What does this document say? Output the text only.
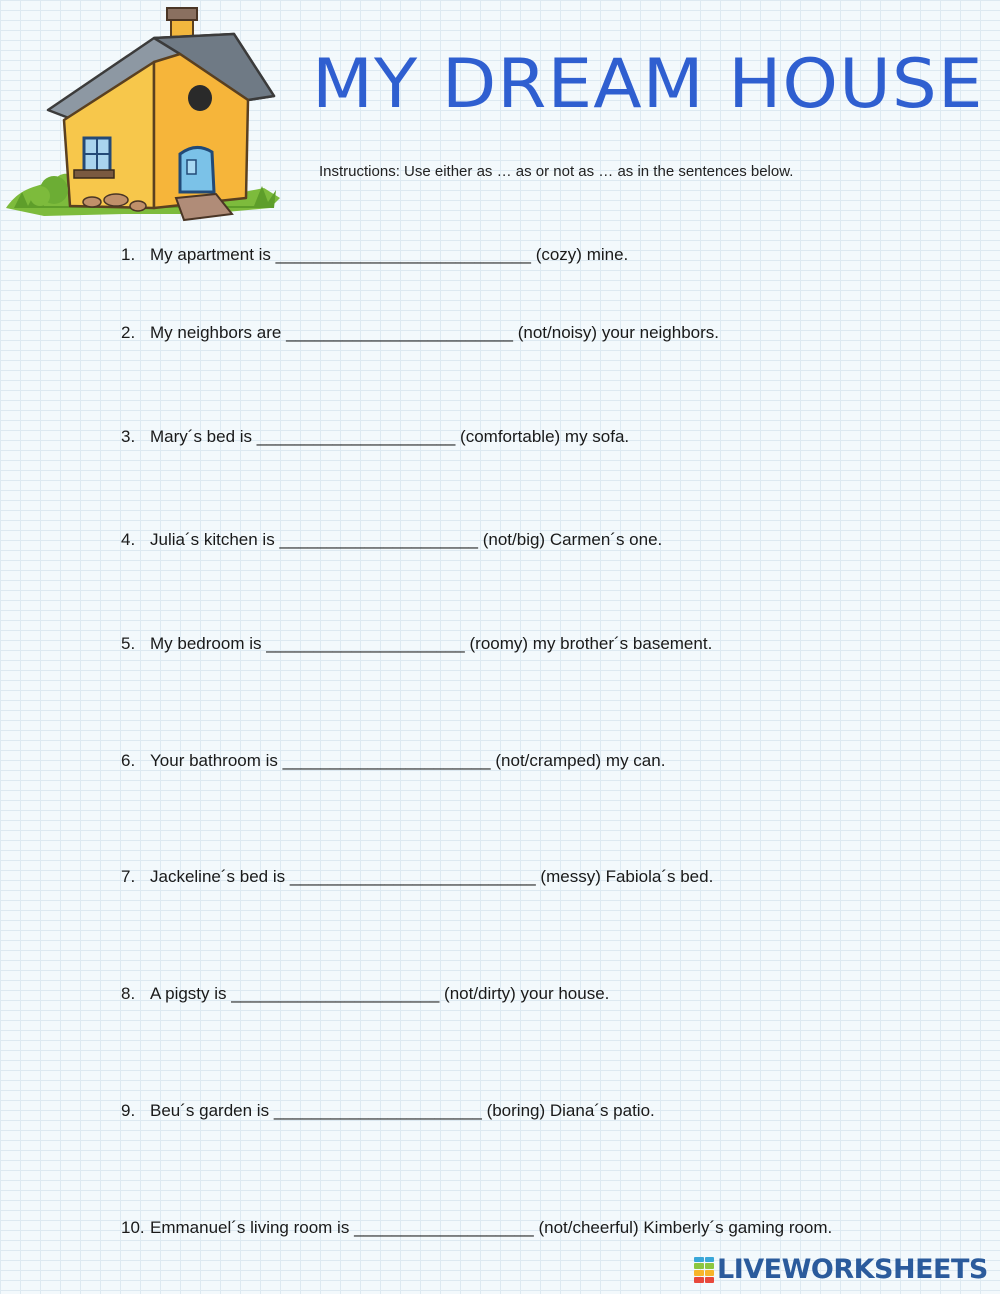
MY DREAM HOUSE
Instructions: Use either as … as or not as … as in the sentences below.
1. My apartment is ___________________________ (cozy) mine.
2. My neighbors are ________________________ (not/noisy) your neighbors.
3. Mary´s bed is _____________________ (comfortable) my sofa.
4. Julia´s kitchen is _____________________ (not/big) Carmen´s one.
5. My bedroom is _____________________ (roomy) my brother´s basement.
6. Your bathroom is ______________________ (not/cramped) my can.
7. Jackeline´s bed is __________________________ (messy) Fabiola´s bed.
8. A pigsty is ______________________ (not/dirty) your house.
9. Beu´s garden is ______________________ (boring) Diana´s patio.
10. Emmanuel´s living room is ___________________ (not/cheerful) Kimberly´s gaming room.
LIVEWORKSHEETS
